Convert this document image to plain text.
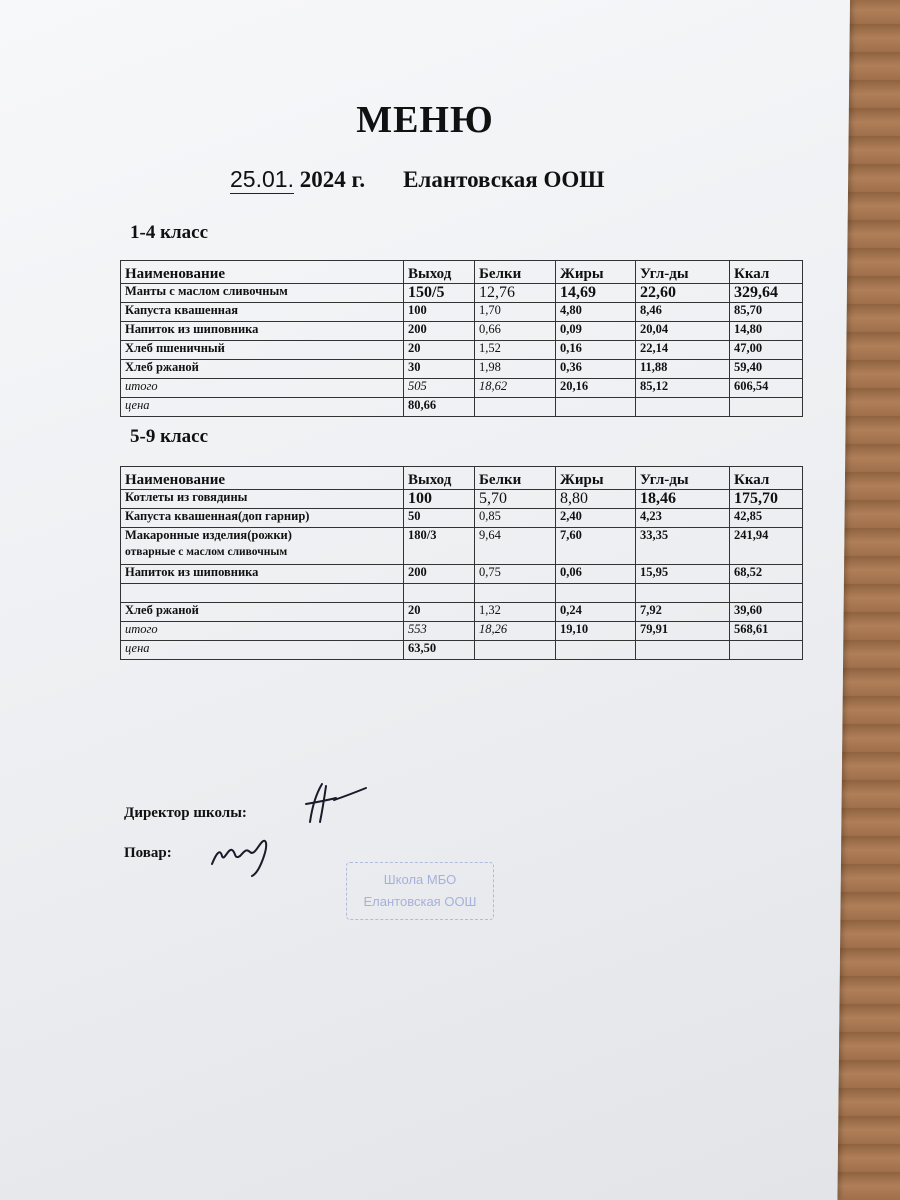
МЕНЮ
25.01. 2024 г. Елантовская ООШ
1-4 класс
Наименование	Выход	Белки	Жиры	Угл-ды	Ккал
Манты с маслом сливочным	150/5	12,76	14,69	22,60	329,64
Капуста квашенная	100	1,70	4,80	8,46	85,70
Напиток из шиповника	200	0,66	0,09	20,04	14,80
Хлеб пшеничный	20	1,52	0,16	22,14	47,00
Хлеб ржаной	30	1,98	0,36	11,88	59,40
итого	505	18,62	20,16	85,12	606,54
цена	80,66				
5-9 класс
Наименование	Выход	Белки	Жиры	Угл-ды	Ккал
Котлеты из говядины	100	5,70	8,80	18,46	175,70
Капуста квашенная(доп гарнир)	50	0,85	2,40	4,23	42,85
Макаронные изделия(рожки)	180/3	9,64	7,60	33,35	241,94
отварные с маслом сливочным					
Напиток из шиповника	200	0,75	0,06	15,95	68,52

Хлеб ржаной	20	1,32	0,24	7,92	39,60
итого	553	18,26	19,10	79,91	568,61
цена	63,50				
Директор школы:
Повар:
Школа МБО
Елантовская ООШ
